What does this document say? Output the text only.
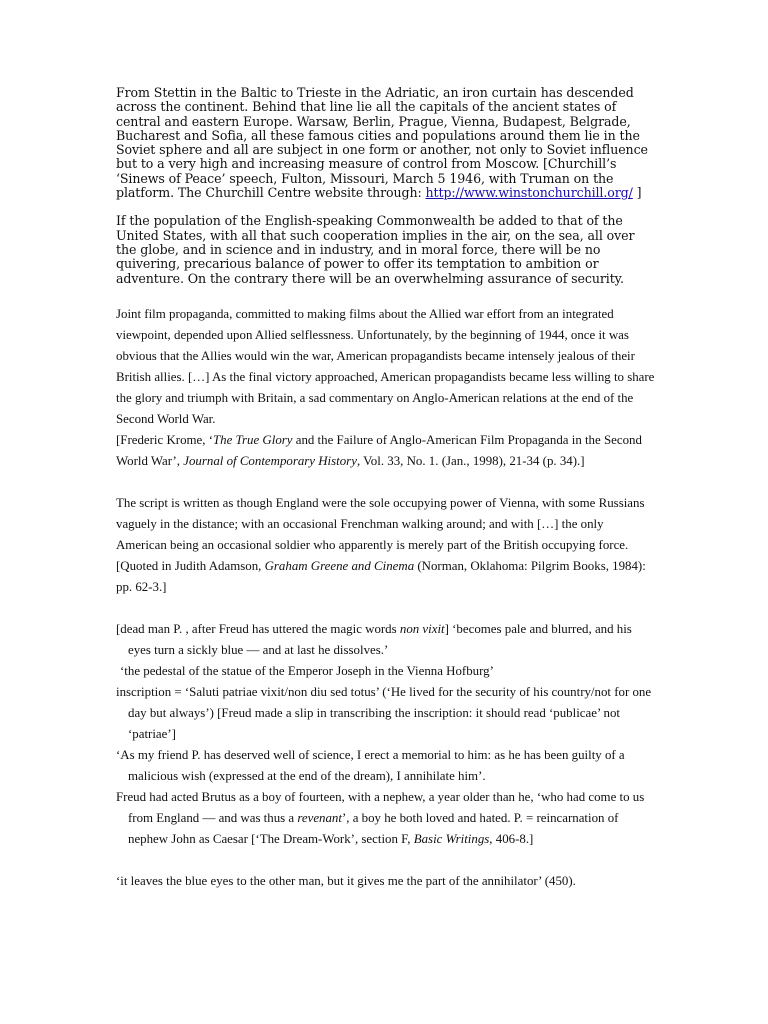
From Stettin in the Baltic to Trieste in the Adriatic, an iron curtain has descended across the continent. Behind that line lie all the capitals of the ancient states of central and eastern Europe. Warsaw, Berlin, Prague, Vienna, Budapest, Belgrade, Bucharest and Sofia, all these famous cities and populations around them lie in the Soviet sphere and all are subject in one form or another, not only to Soviet influence but to a very high and increasing measure of control from Moscow. [Churchill’s ‘Sinews of Peace’ speech, Fulton, Missouri, March 5 1946, with Truman on the platform. The Churchill Centre website through: http://www.winstonchurchill.org/ ]

If the population of the English-speaking Commonwealth be added to that of the United States, with all that such cooperation implies in the air, on the sea, all over the globe, and in science and in industry, and in moral force, there will be no quivering, precarious balance of power to offer its temptation to ambition or adventure. On the contrary there will be an overwhelming assurance of security.

Joint film propaganda, committed to making films about the Allied war effort from an integrated viewpoint, depended upon Allied selflessness. Unfortunately, by the beginning of 1944, once it was obvious that the Allies would win the war, American propagandists became intensely jealous of their British allies. […] As the final victory approached, American propagandists became less willing to share the glory and triumph with Britain, a sad commentary on Anglo-American relations at the end of the Second World War.

[Frederic Krome, ‘The True Glory and the Failure of Anglo-American Film Propaganda in the Second World War’, Journal of Contemporary History, Vol. 33, No. 1. (Jan., 1998), 21-34 (p. 34).]

The script is written as though England were the sole occupying power of Vienna, with some Russians vaguely in the distance; with an occasional Frenchman walking around; and with […] the only American being an occasional soldier who apparently is merely part of the British occupying force.

[Quoted in Judith Adamson, Graham Greene and Cinema (Norman, Oklahoma: Pilgrim Books, 1984): pp. 62-3.]

[dead man P. , after Freud has uttered the magic words non vixit] ‘becomes pale and blurred, and his eyes turn a sickly blue — and at last he dissolves.’

‘the pedestal of the statue of the Emperor Joseph in the Vienna Hofburg’

inscription = ‘Saluti patriae vixit/non diu sed totus’ (‘He lived for the security of his country/not for one day but always’) [Freud made a slip in transcribing the inscription: it should read ‘publicae’ not ‘patriae’]

‘As my friend P. has deserved well of science, I erect a memorial to him: as he has been guilty of a malicious wish (expressed at the end of the dream), I annihilate him’.

Freud had acted Brutus as a boy of fourteen, with a nephew, a year older than he, ‘who had come to us from England — and was thus a revenant’, a boy he both loved and hated. P. = reincarnation of nephew John as Caesar [‘The Dream-Work’, section F, Basic Writings, 406-8.]

‘it leaves the blue eyes to the other man, but it gives me the part of the annihilator’ (450).
